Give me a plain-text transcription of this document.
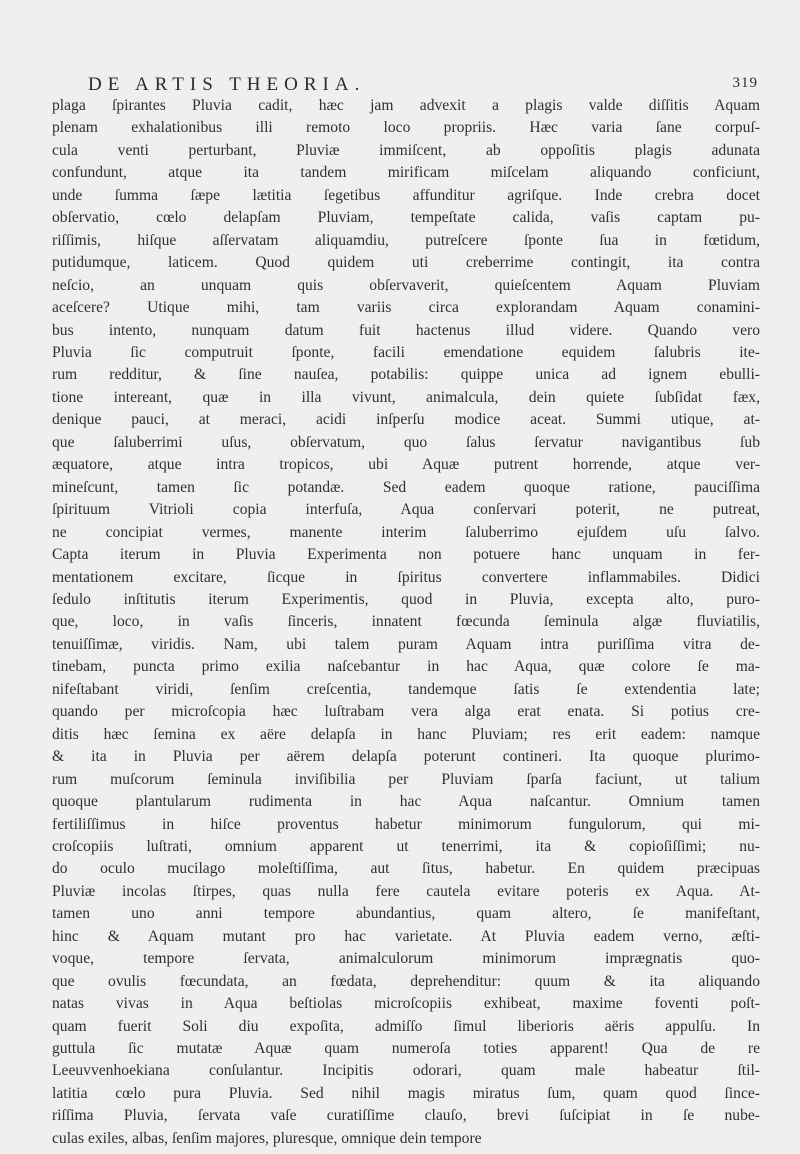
DE ARTIS THEORIA.	319
plaga ſpirantes Pluvia cadit, hæc jam advexit a plagis valde diſſitis Aquam
plenam exhalationibus illi remoto loco propriis. Hæc varia ſane corpuſ-
cula venti perturbant, Pluviæ immiſcent, ab oppoſitis plagis adunata
confundunt, atque ita tandem mirificam miſcelam aliquando conficiunt,
unde ſumma ſæpe lætitia ſegetibus affunditur agriſque. Inde crebra docet
obſervatio, cœlo delapſam Pluviam, tempeſtate calida, vaſis captam pu-
riſſimis, hiſque aſſervatam aliquamdiu, putreſcere ſponte ſua in fœtidum,
putidumque, laticem. Quod quidem uti creberrime contingit, ita contra
neſcio, an unquam quis obſervaverit, quieſcentem Aquam Pluviam
aceſcere? Utique mihi, tam variis circa explorandam Aquam conamini-
bus intento, nunquam datum fuit hactenus illud videre. Quando vero
Pluvia ſic computruit ſponte, facili emendatione equidem ſalubris ite-
rum redditur, & ſine nauſea, potabilis: quippe unica ad ignem ebulli-
tione intereant, quæ in illa vivunt, animalcula, dein quiete ſubſidat fæx,
denique pauci, at meraci, acidi inſperſu modice aceat. Summi utique, at-
que ſaluberrimi uſus, obſervatum, quo ſalus ſervatur navigantibus ſub
æquatore, atque intra tropicos, ubi Aquæ putrent horrende, atque ver-
mineſcunt, tamen ſic potandæ. Sed eadem quoque ratione, pauciſſima
ſpirituum Vitrioli copia interfuſa, Aqua conſervari poterit, ne putreat,
ne concipiat vermes, manente interim ſaluberrimo ejuſdem uſu ſalvo.
Capta iterum in Pluvia Experimenta non potuere hanc unquam in fer-
mentationem excitare, ſicque in ſpiritus convertere inflammabiles. Didici
ſedulo inſtitutis iterum Experimentis, quod in Pluvia, excepta alto, puro-
que, loco, in vaſis ſinceris, innatent fœcunda ſeminula algæ fluviatilis,
tenuiſſimæ, viridis. Nam, ubi talem puram Aquam intra puriſſima vitra de-
tinebam, puncta primo exilia naſcebantur in hac Aqua, quæ colore ſe ma-
nifeſtabant viridi, ſenſim creſcentia, tandemque ſatis ſe extendentia late;
quando per microſcopia hæc luſtrabam vera alga erat enata. Si potius cre-
ditis hæc ſemina ex aëre delapſa in hanc Pluviam; res erit eadem: namque
& ita in Pluvia per aërem delapſa poterunt contineri. Ita quoque plurimo-
rum muſcorum ſeminula inviſibilia per Pluviam ſparſa faciunt, ut talium
quoque plantularum rudimenta in hac Aqua naſcantur. Omnium tamen
fertiliſſimus in hiſce proventus habetur minimorum fungulorum, qui mi-
croſcopiis luſtrati, omnium apparent ut tenerrimi, ita & copioſiſſimi; nu-
do oculo mucilago moleſtiſſima, aut ſitus, habetur. En quidem præcipuas
Pluviæ incolas ſtirpes, quas nulla fere cautela evitare poteris ex Aqua. At-
tamen uno anni tempore abundantius, quam altero, ſe manifeſtant,
hinc & Aquam mutant pro hac varietate. At Pluvia eadem verno, æſti-
voque, tempore ſervata, animalculorum minimorum imprægnatis quo-
que ovulis fœcundata, an fœdata, deprehenditur: quum & ita aliquando
natas vivas in Aqua beſtiolas microſcopiis exhibeat, maxime foventi poſt-
quam fuerit Soli diu expoſita, admiſſo ſimul liberioris aëris appulſu. In
guttula ſic mutatæ Aquæ quam numeroſa toties apparent! Qua de re
Leeuvvenhoekiana conſulantur. Incipitis odorari, quam male habeatur ſtil-
latitia cœlo pura Pluvia. Sed nihil magis miratus ſum, quam quod ſince-
riſſima Pluvia, ſervata vaſe curatiſſime clauſo, brevi ſuſcipiat in ſe nube-
culas exiles, albas, ſenſim majores, pluresque, omnique dein tempore
